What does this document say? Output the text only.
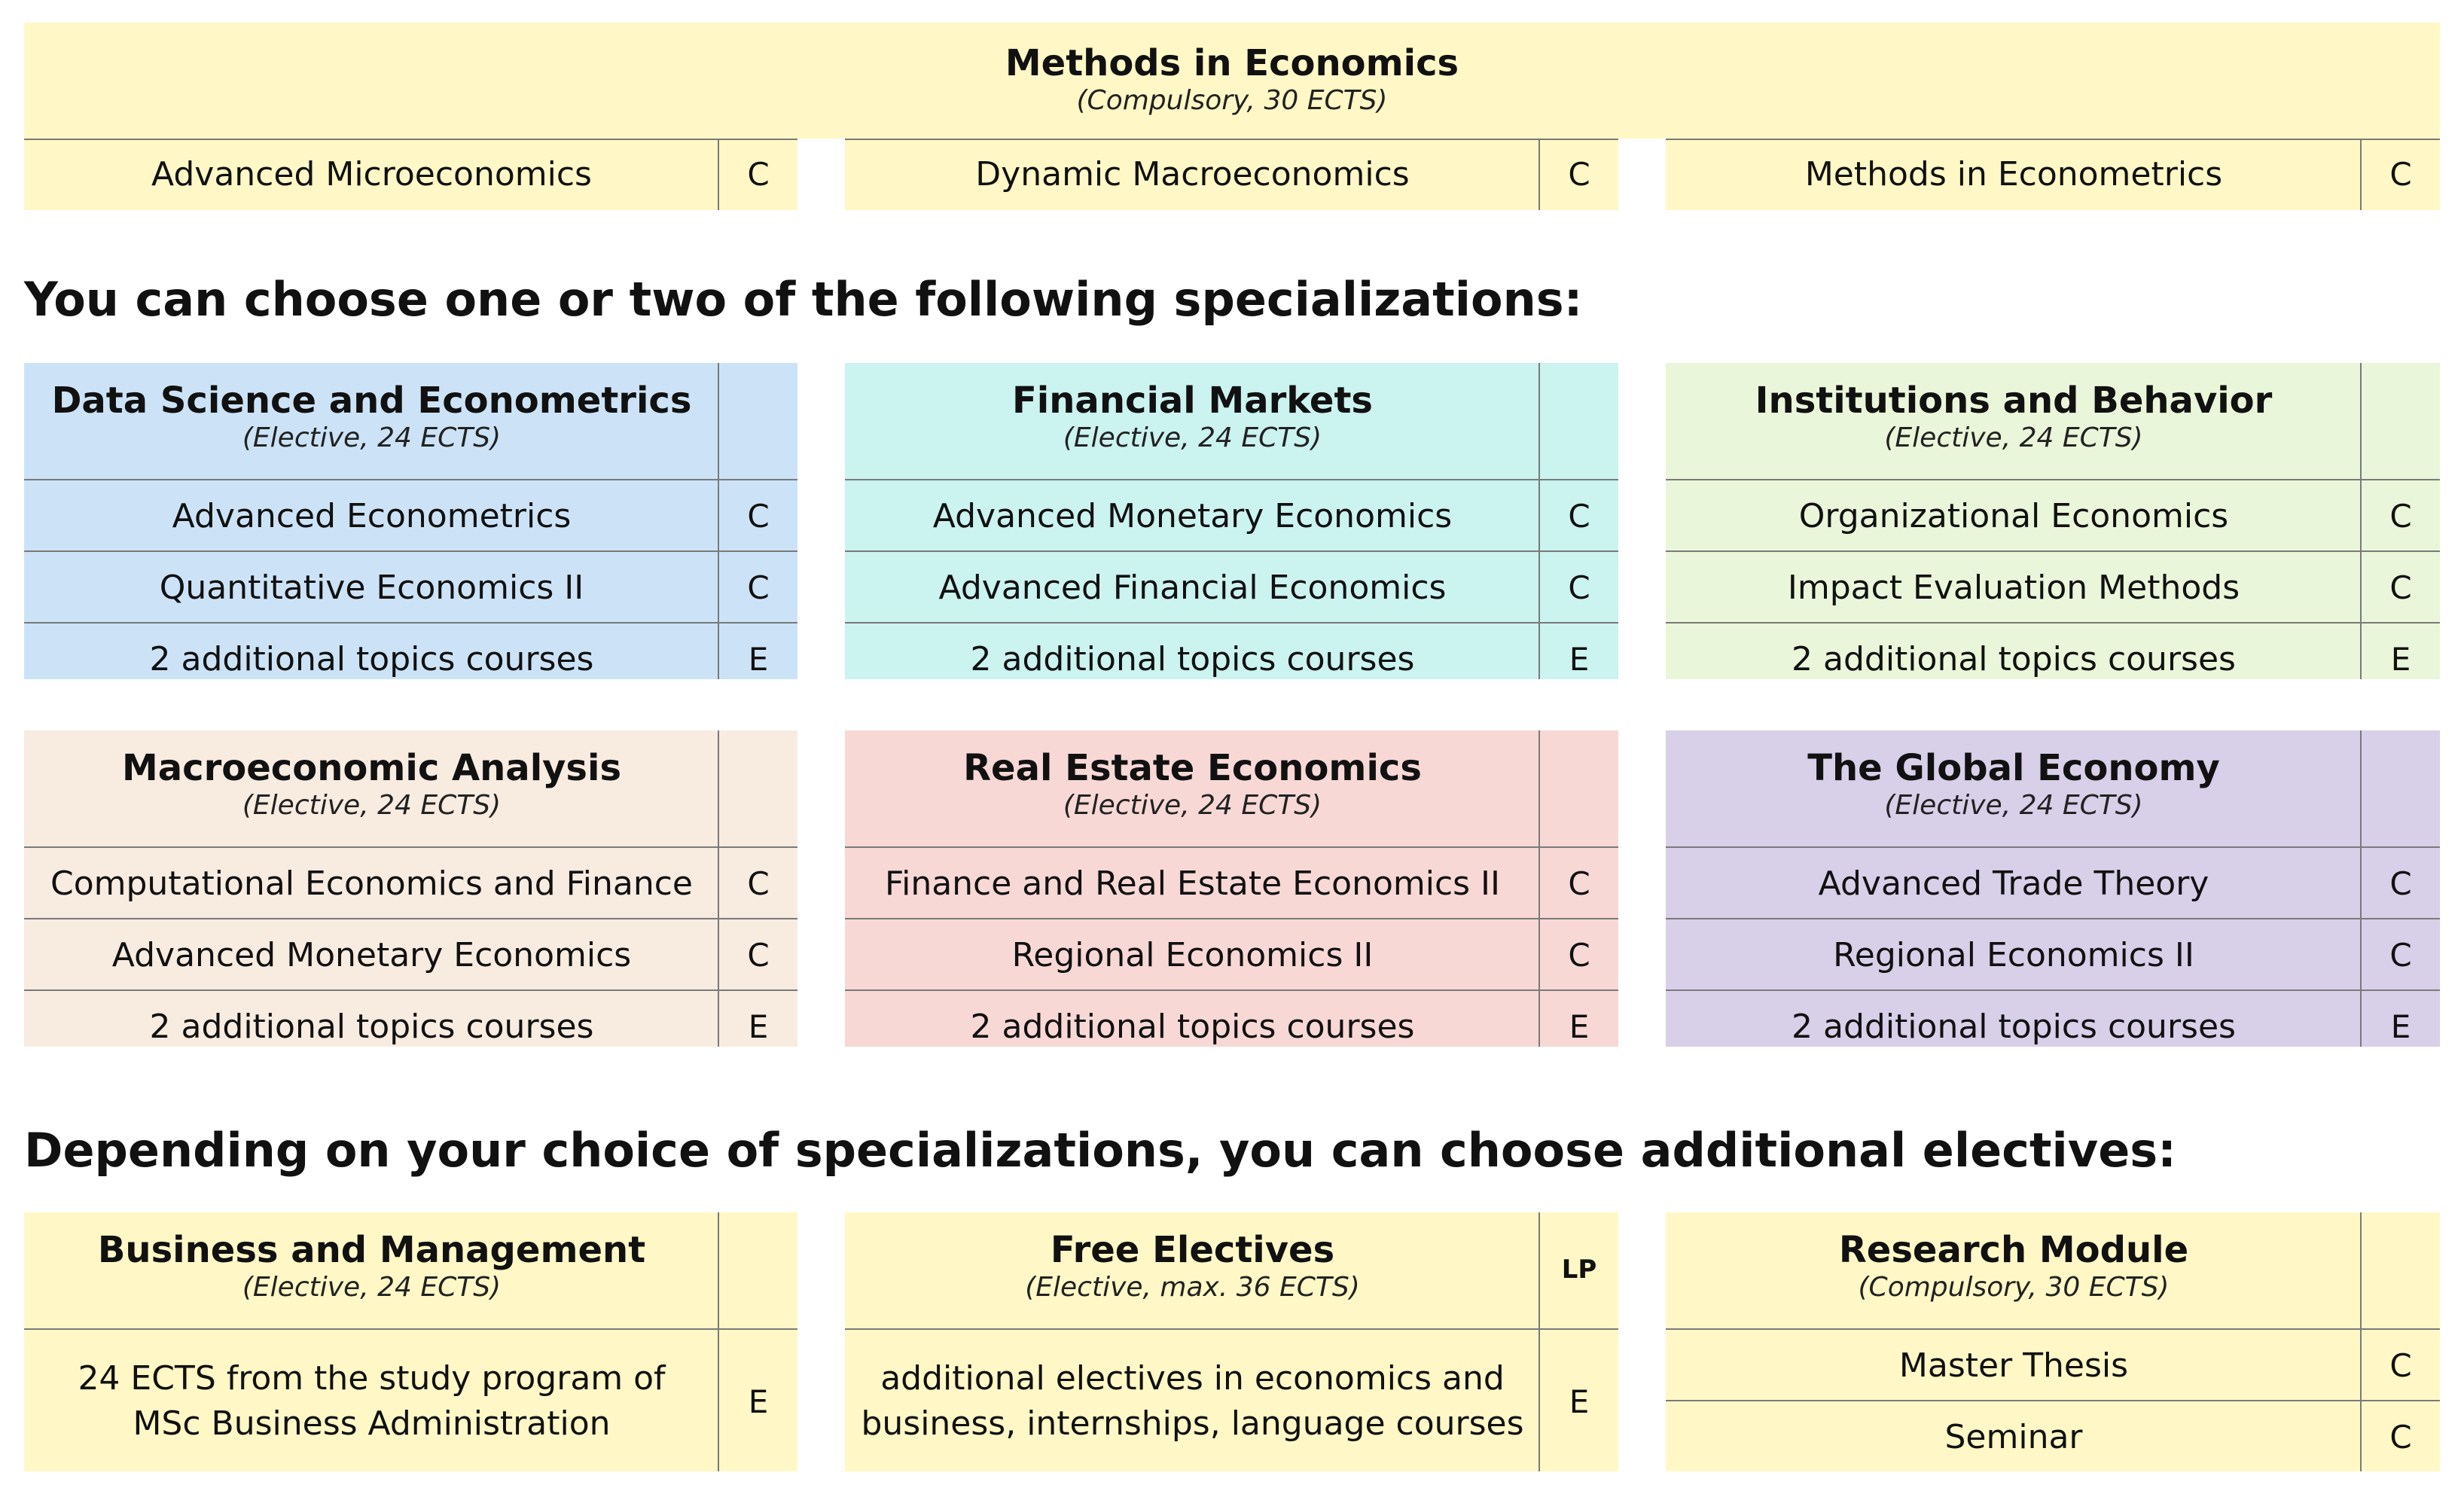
Methods in Economics
(Compulsory, 30 ECTS)
Advanced Microeconomics	C	Dynamic Macroeconomics	C	Methods in Econometrics	C
You can choose one or two of the following specializations:
Data Science and Econometrics
(Elective, 24 ECTS)
Advanced Econometrics	C
Quantitative Economics II	C
2 additional topics courses	E
Financial Markets
(Elective, 24 ECTS)
Advanced Monetary Economics	C
Advanced Financial Economics	C
2 additional topics courses	E
Institutions and Behavior
(Elective, 24 ECTS)
Organizational Economics	C
Impact Evaluation Methods	C
2 additional topics courses	E
Macroeconomic Analysis
(Elective, 24 ECTS)
Computational Economics and Finance	C
Advanced Monetary Economics	C
2 additional topics courses	E
Real Estate Economics
(Elective, 24 ECTS)
Finance and Real Estate Economics II	C
Regional Economics II	C
2 additional topics courses	E
The Global Economy
(Elective, 24 ECTS)
Advanced Trade Theory	C
Regional Economics II	C
2 additional topics courses	E
Depending on your choice of specializations, you can choose additional electives:
Business and Management
(Elective, 24 ECTS)
24 ECTS from the study program of
MSc Business Administration
E
Free Electives
(Elective, max. 36 ECTS)
LP
additional electives in economics and
business, internships, language courses
E
Research Module
(Compulsory, 30 ECTS)
Master Thesis	C
Seminar	C
